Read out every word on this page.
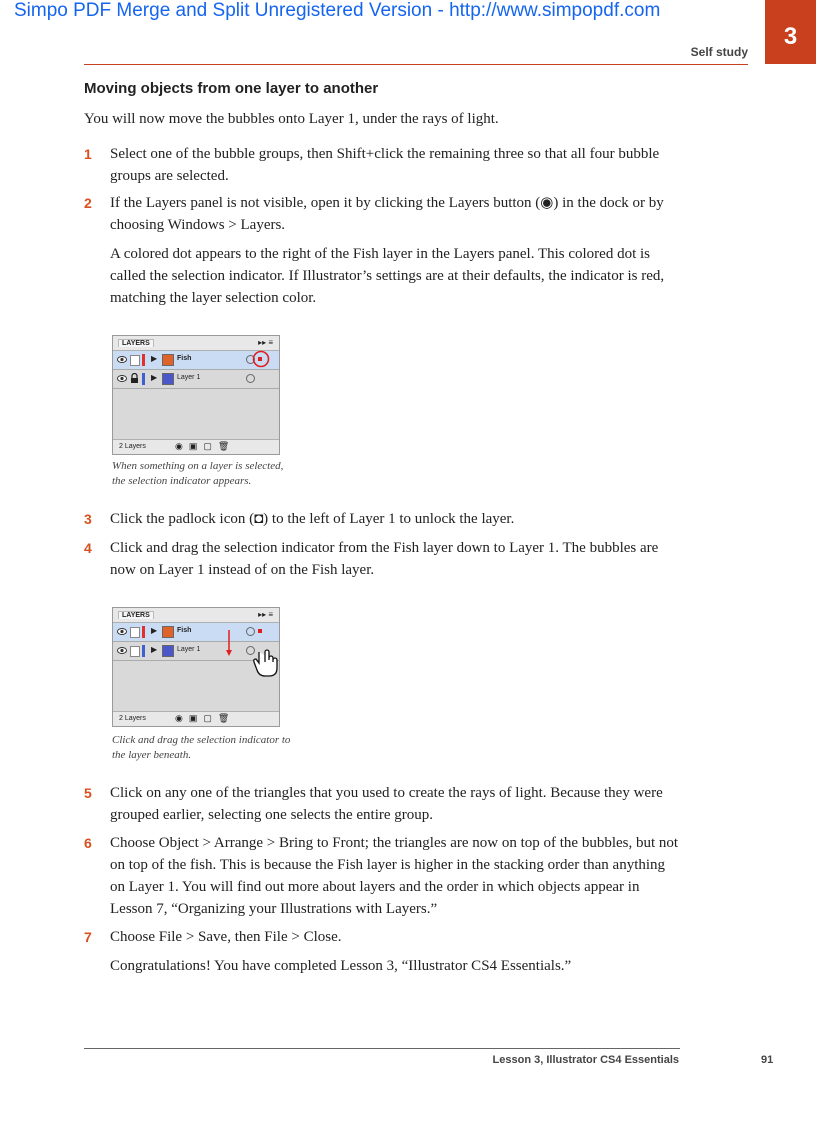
Simpo PDF Merge and Split Unregistered Version - http://www.simpopdf.com
3
Self study
Moving objects from one layer to another
You will now move the bubbles onto Layer 1, under the rays of light.
1 Select one of the bubble groups, then Shift+click the remaining three so that all four bubble groups are selected.
2 If the Layers panel is not visible, open it by clicking the Layers button (◉) in the dock or by choosing Windows > Layers.
A colored dot appears to the right of the Fish layer in the Layers panel. This colored dot is called the selection indicator. If Illustrator’s settings are at their defaults, the indicator is red, matching the layer selection color.
LAYERS	▸▸ ≡
▶	Fish
▶	Layer 1
2 Layers	◉▣▢🗑
When something on a layer is selected, the selection indicator appears.
3 Click the padlock icon (◘) to the left of Layer 1 to unlock the layer.
4 Click and drag the selection indicator from the Fish layer down to Layer 1. The bubbles are now on Layer 1 instead of on the Fish layer.
LAYERS	▸▸ ≡
▶	Fish
▶	Layer 1
2 Layers	◉▣▢🗑
Click and drag the selection indicator to the layer beneath.
5 Click on any one of the triangles that you used to create the rays of light. Because they were grouped earlier, selecting one selects the entire group.
6 Choose Object > Arrange > Bring to Front; the triangles are now on top of the bubbles, but not on top of the fish. This is because the Fish layer is higher in the stacking order than anything on Layer 1. You will find out more about layers and the order in which objects appear in Lesson 7, “Organizing your Illustrations with Layers.”
7 Choose File > Save, then File > Close.
Congratulations! You have completed Lesson 3, “Illustrator CS4 Essentials.”
Lesson 3, Illustrator CS4 Essentials	91
